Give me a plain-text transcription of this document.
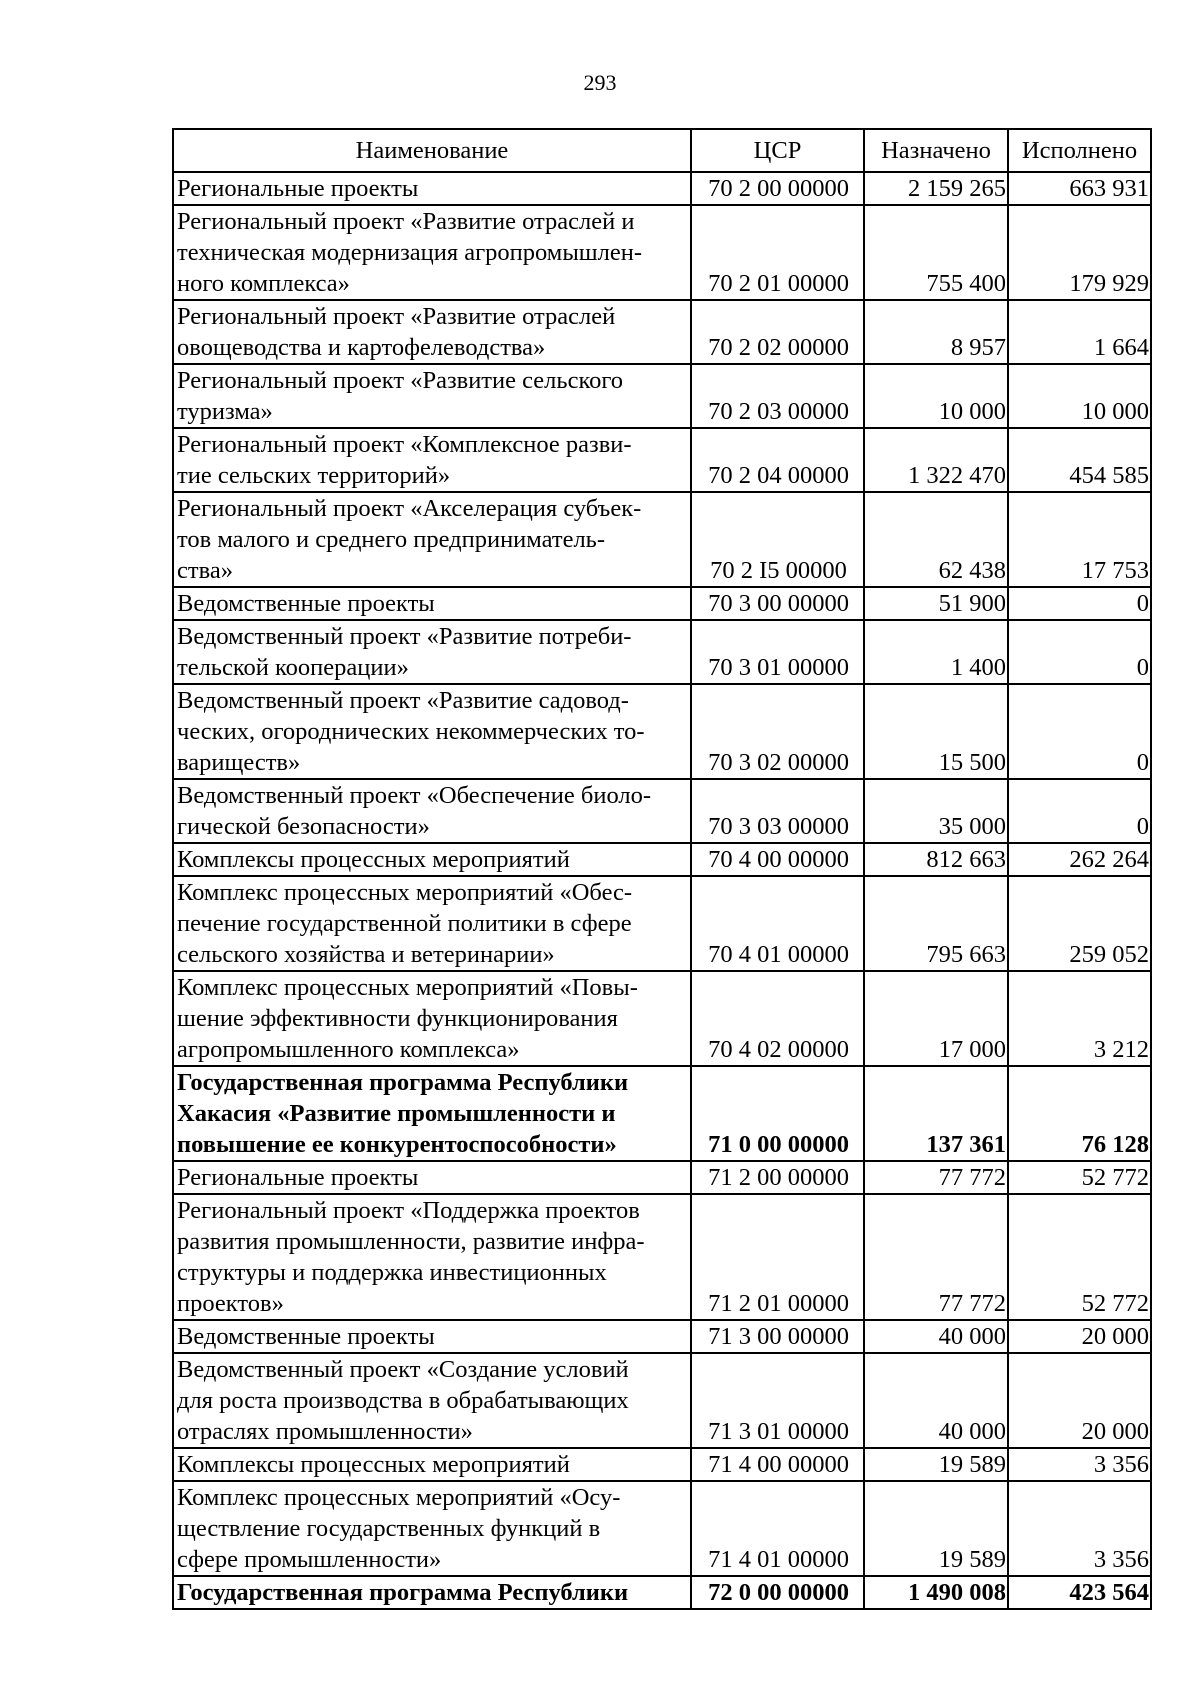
293
Наименование	ЦСР	Назначено	Исполнено
Региональные проекты	70 2 00 00000	2 159 265	663 931
Региональный проект «Развитие отраслей и
техническая модернизация агропромышлен-
ного комплекса»	70 2 01 00000	755 400	179 929
Региональный проект «Развитие отраслей
овощеводства и картофелеводства»	70 2 02 00000	8 957	1 664
Региональный проект «Развитие сельского
туризма»	70 2 03 00000	10 000	10 000
Региональный проект «Комплексное разви-
тие сельских территорий»	70 2 04 00000	1 322 470	454 585
Региональный проект «Акселерация субъек-
тов малого и среднего предприниматель-
ства»	70 2 I5 00000	62 438	17 753
Ведомственные проекты	70 3 00 00000	51 900	0
Ведомственный проект «Развитие потреби-
тельской кооперации»	70 3 01 00000	1 400	0
Ведомственный проект «Развитие садовод-
ческих, огороднических некоммерческих то-
вариществ»	70 3 02 00000	15 500	0
Ведомственный проект «Обеспечение биоло-
гической безопасности»	70 3 03 00000	35 000	0
Комплексы процессных мероприятий	70 4 00 00000	812 663	262 264
Комплекс процессных мероприятий «Обес-
печение государственной политики в сфере
сельского хозяйства и ветеринарии»	70 4 01 00000	795 663	259 052
Комплекс процессных мероприятий «Повы-
шение эффективности функционирования
агропромышленного комплекса»	70 4 02 00000	17 000	3 212
Государственная программа Республики
Хакасия «Развитие промышленности и
повышение ее конкурентоспособности»	71 0 00 00000	137 361	76 128
Региональные проекты	71 2 00 00000	77 772	52 772
Региональный проект «Поддержка проектов
развития промышленности, развитие инфра-
структуры и поддержка инвестиционных
проектов»	71 2 01 00000	77 772	52 772
Ведомственные проекты	71 3 00 00000	40 000	20 000
Ведомственный проект «Создание условий
для роста производства в обрабатывающих
отраслях промышленности»	71 3 01 00000	40 000	20 000
Комплексы процессных мероприятий	71 4 00 00000	19 589	3 356
Комплекс процессных мероприятий «Осу-
ществление государственных функций в
сфере промышленности»	71 4 01 00000	19 589	3 356
Государственная программа Республики	72 0 00 00000	1 490 008	423 564
